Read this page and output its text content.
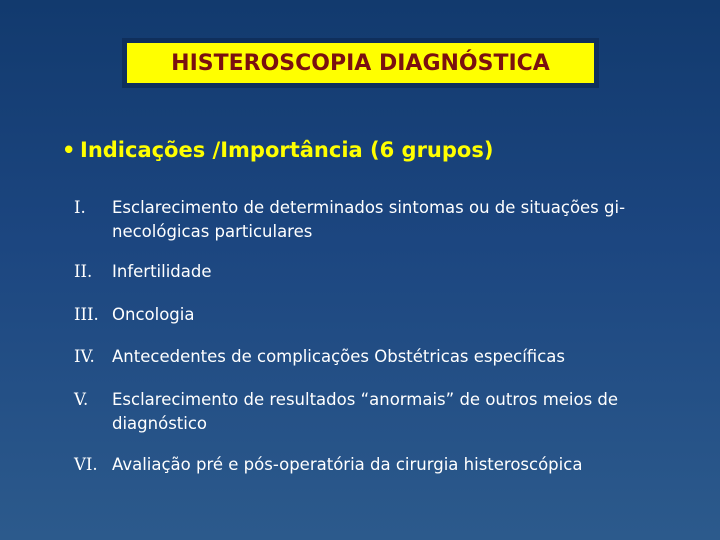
HISTEROSCOPIA DIAGNÓSTICA
• Indicações /Importância (6 grupos)
I. Esclarecimento de determinados sintomas ou de situações gi-necológicas particulares
II. Infertilidade
III. Oncologia
IV. Antecedentes de complicações Obstétricas específicas
V. Esclarecimento de resultados “anormais” de outros meios de diagnóstico
VI. Avaliação pré e pós-operatória da cirurgia histeroscópica
